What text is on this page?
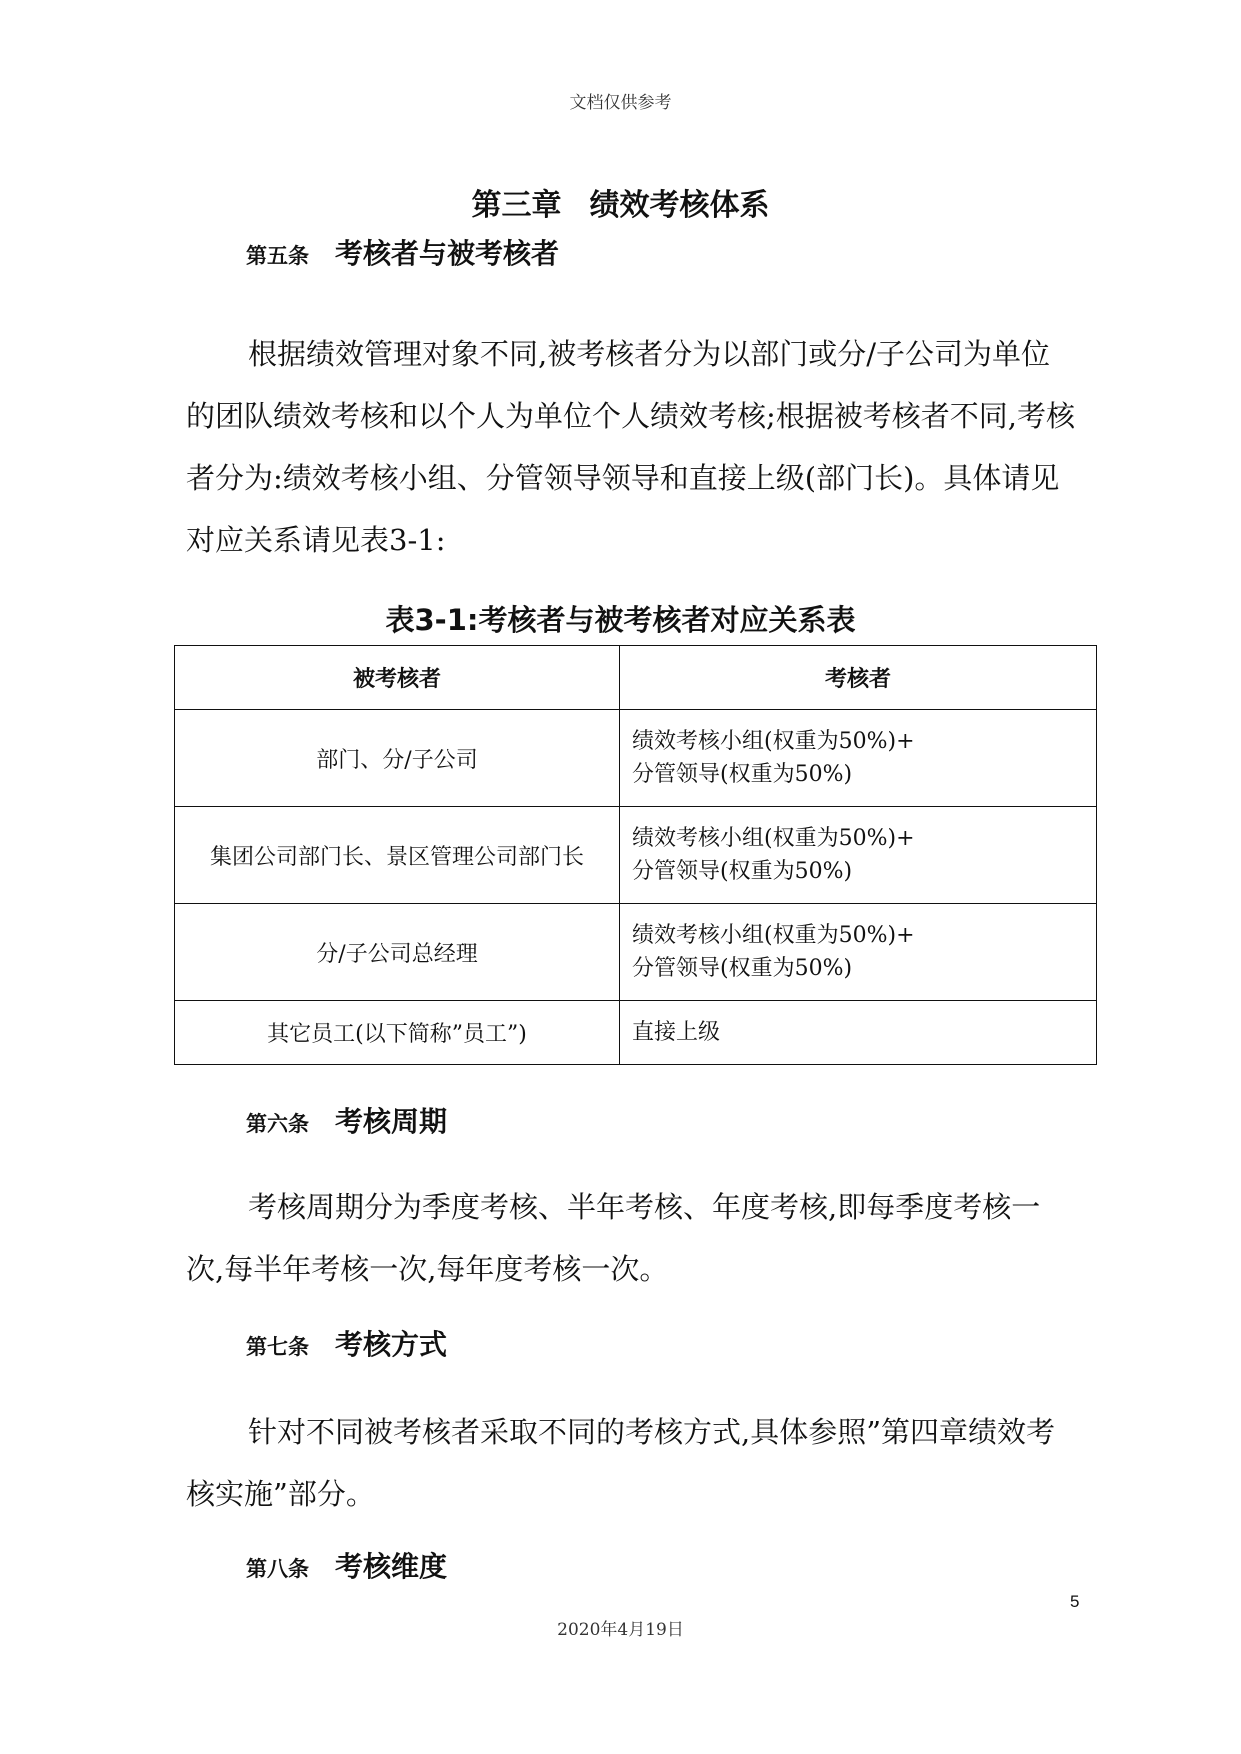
文档仅供参考
第三章 绩效考核体系
第五条 考核者与被考核者

根据绩效管理对象不同,被考核者分为以部门或分/子公司为单位的团队绩效考核和以个人为单位个人绩效考核;根据被考核者不同,考核者分为:绩效考核小组、分管领导领导和直接上级(部门长)。具体请见对应关系请见表3-1:

表3-1:考核者与被考核者对应关系表
被考核者	考核者
部门、分/子公司	绩效考核小组(权重为50%)+
分管领导(权重为50%)

集团公司部门长、景区管理公司部门长	绩效考核小组(权重为50%)+
分管领导(权重为50%)

分/子公司总经理	绩效考核小组(权重为50%)+
分管领导(权重为50%)

其它员工(以下简称”员工”)	直接上级
第六条 考核周期

考核周期分为季度考核、半年考核、年度考核,即每季度考核一次,每半年考核一次,每年度考核一次。

第七条 考核方式

针对不同被考核者采取不同的考核方式,具体参照”第四章绩效考核实施”部分。

第八条 考核维度
5
2020年4月19日
